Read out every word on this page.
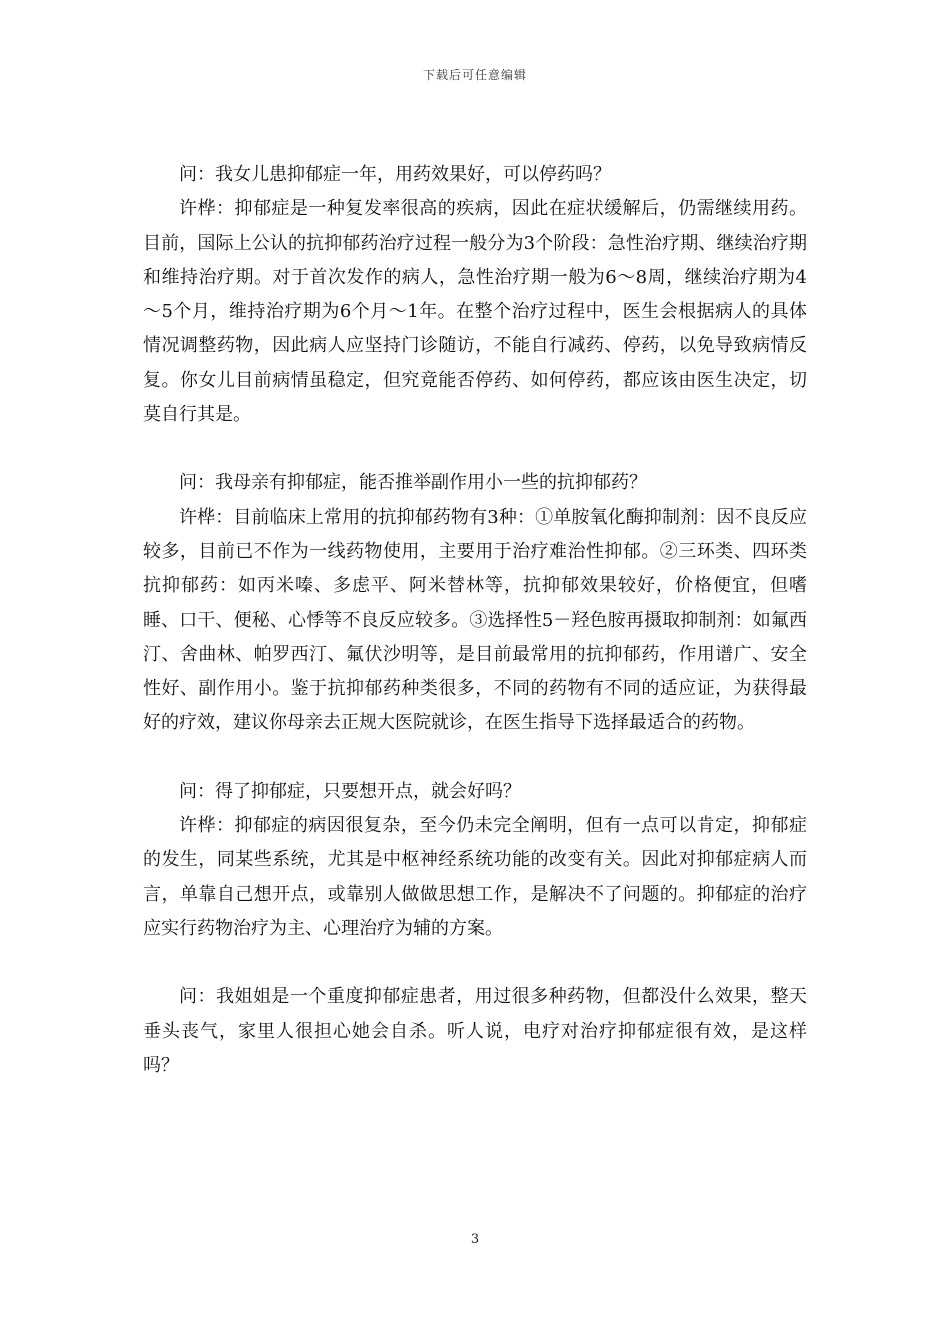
下载后可任意编辑

问：我女儿患抑郁症一年，用药效果好，可以停药吗？

许桦：抑郁症是一种复发率很高的疾病，因此在症状缓解后，仍需继续用药。目前，国际上公认的抗抑郁药治疗过程一般分为3个阶段：急性治疗期、继续治疗期和维持治疗期。对于首次发作的病人，急性治疗期一般为6～8周，继续治疗期为4～5个月，维持治疗期为6个月～1年。在整个治疗过程中，医生会根据病人的具体情况调整药物，因此病人应坚持门诊随访，不能自行减药、停药，以免导致病情反复。你女儿目前病情虽稳定，但究竟能否停药、如何停药，都应该由医生决定，切莫自行其是。

问：我母亲有抑郁症，能否推举副作用小一些的抗抑郁药？

许桦：目前临床上常用的抗抑郁药物有3种：①单胺氧化酶抑制剂：因不良反应较多，目前已不作为一线药物使用，主要用于治疗难治性抑郁。②三环类、四环类抗抑郁药：如丙米嗪、多虑平、阿米替林等，抗抑郁效果较好，价格便宜，但嗜睡、口干、便秘、心悸等不良反应较多。③选择性5－羟色胺再摄取抑制剂：如氟西汀、舍曲林、帕罗西汀、氟伏沙明等，是目前最常用的抗抑郁药，作用谱广、安全性好、副作用小。鉴于抗抑郁药种类很多，不同的药物有不同的适应证，为获得最好的疗效，建议你母亲去正规大医院就诊，在医生指导下选择最适合的药物。

问：得了抑郁症，只要想开点，就会好吗？

许桦：抑郁症的病因很复杂，至今仍未完全阐明，但有一点可以肯定，抑郁症的发生，同某些系统，尤其是中枢神经系统功能的改变有关。因此对抑郁症病人而言，单靠自己想开点，或靠别人做做思想工作，是解决不了问题的。抑郁症的治疗应实行药物治疗为主、心理治疗为辅的方案。

问：我姐姐是一个重度抑郁症患者，用过很多种药物，但都没什么效果，整天垂头丧气，家里人很担心她会自杀。听人说，电疗对治疗抑郁症很有效，是这样吗？

3
